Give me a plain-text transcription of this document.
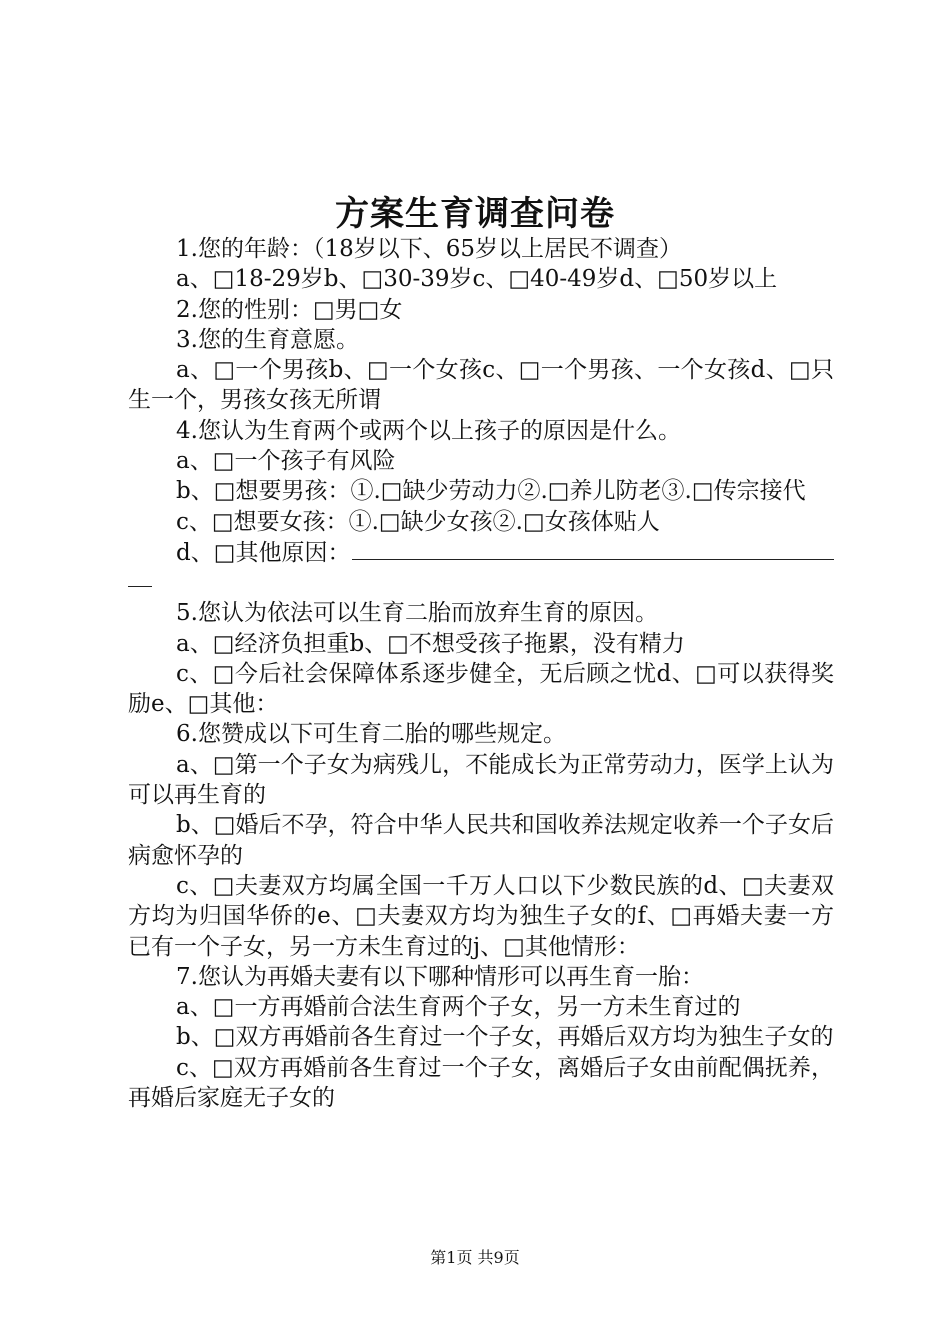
方案生育调查问卷

1.您的年龄：（18岁以下、65岁以上居民不调查）

a、□18-29岁b、□30-39岁c、□40-49岁d、□50岁以上

2.您的性别：□男□女

3.您的生育意愿。

a、□一个男孩b、□一个女孩c、□一个男孩、一个女孩d、□只生一个，男孩女孩无所谓

4.您认为生育两个或两个以上孩子的原因是什么。

a、□一个孩子有风险

b、□想要男孩：①.□缺少劳动力②.□养儿防老③.□传宗接代

c、□想要女孩：①.□缺少女孩②.□女孩体贴人

d、□其他原因：

5.您认为依法可以生育二胎而放弃生育的原因。

a、□经济负担重b、□不想受孩子拖累，没有精力

c、□今后社会保障体系逐步健全，无后顾之忧d、□可以获得奖励e、□其他：

6.您赞成以下可生育二胎的哪些规定。

a、□第一个子女为病残儿，不能成长为正常劳动力，医学上认为可以再生育的

b、□婚后不孕，符合中华人民共和国收养法规定收养一个子女后病愈怀孕的

c、□夫妻双方均属全国一千万人口以下少数民族的d、□夫妻双方均为归国华侨的e、□夫妻双方均为独生子女的f、□再婚夫妻一方已有一个子女，另一方未生育过的j、□其他情形：

7.您认为再婚夫妻有以下哪种情形可以再生育一胎：

a、□一方再婚前合法生育两个子女，另一方未生育过的

b、□双方再婚前各生育过一个子女，再婚后双方均为独生子女的

c、□双方再婚前各生育过一个子女，离婚后子女由前配偶抚养，再婚后家庭无子女的

第1页 共9页
